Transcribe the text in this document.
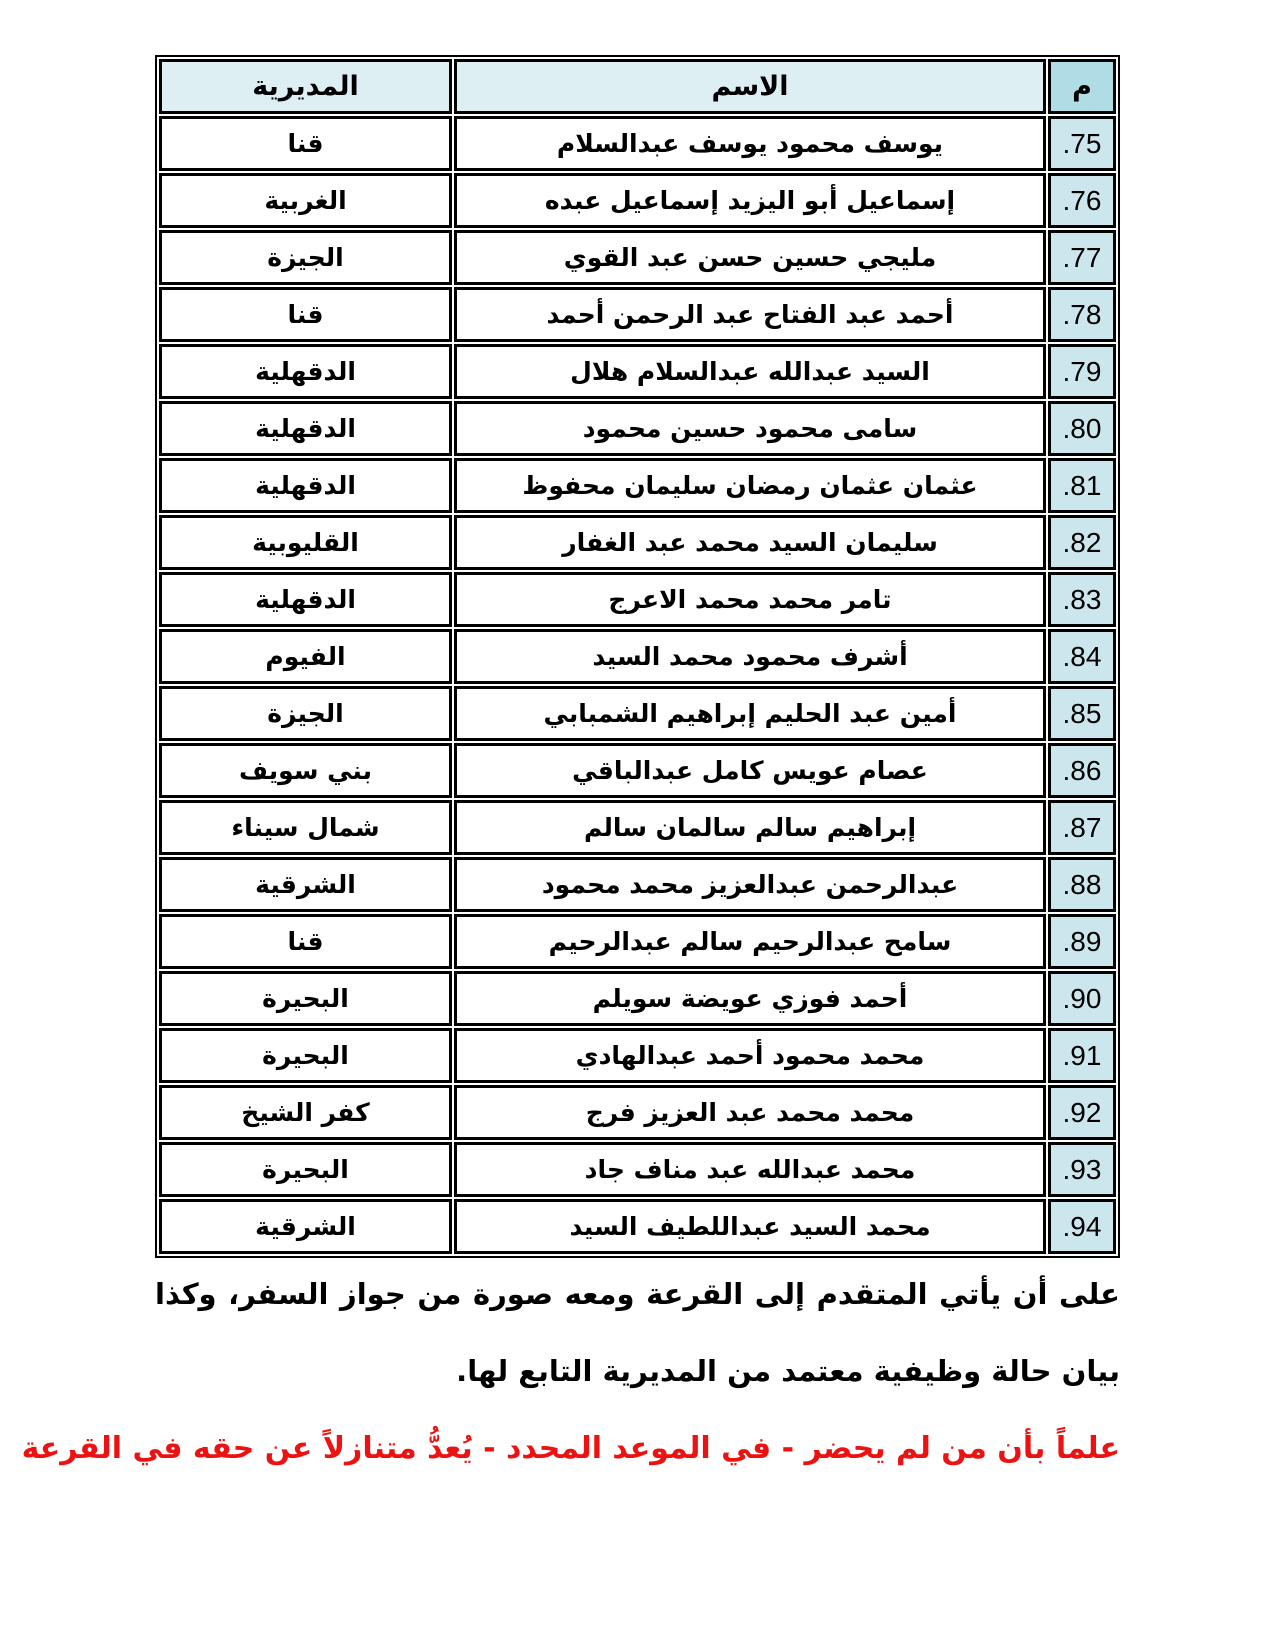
م	الاسم	المديرية
.75	يوسف محمود يوسف عبدالسلام	قنا
.76	إسماعيل أبو اليزيد إسماعيل عبده	الغربية
.77	مليجي حسين حسن عبد القوي	الجيزة
.78	أحمد عبد الفتاح عبد الرحمن أحمد	قنا
.79	السيد عبدالله عبدالسلام هلال	الدقهلية
.80	سامى محمود حسين محمود	الدقهلية
.81	عثمان عثمان رمضان سليمان محفوظ	الدقهلية
.82	سليمان السيد محمد عبد الغفار	القليوبية
.83	تامر محمد محمد الاعرج	الدقهلية
.84	أشرف محمود محمد السيد	الفيوم
.85	أمين عبد الحليم إبراهيم الشمبابي	الجيزة
.86	عصام عويس كامل عبدالباقي	بني سويف
.87	إبراهيم سالم سالمان سالم	شمال سيناء
.88	عبدالرحمن عبدالعزيز محمد محمود	الشرقية
.89	سامح عبدالرحيم سالم عبدالرحيم	قنا
.90	أحمد فوزي عويضة سويلم	البحيرة
.91	محمد محمود أحمد عبدالهادي	البحيرة
.92	محمد محمد عبد العزيز فرج	كفر الشيخ
.93	محمد عبدالله عبد مناف جاد	البحيرة
.94	محمد السيد عبداللطيف السيد	الشرقية

على أن يأتي المتقدم إلى القرعة ومعه صورة من جواز السفر، وكذا بيان حالة وظيفية معتمد من المديرية التابع لها.

علماً بأن من لم يحضر - في الموعد المحدد - يُعدُّ متنازلاً عن حقه في القرعة
